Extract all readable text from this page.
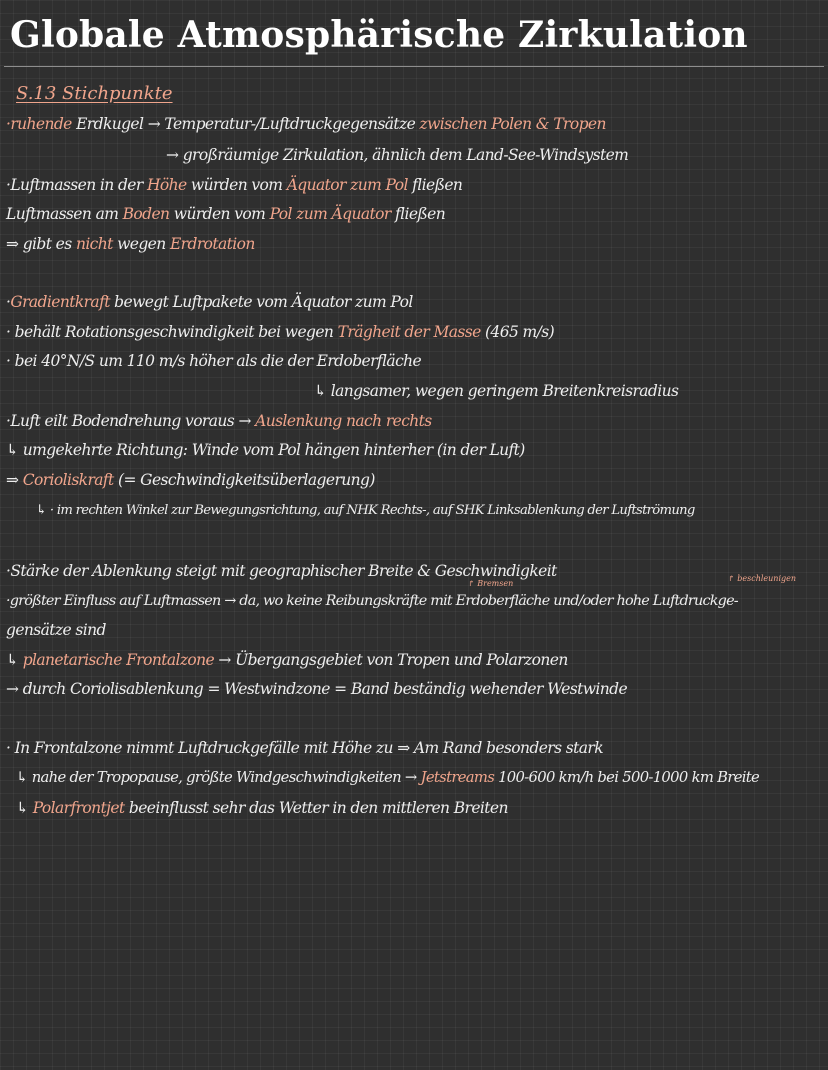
Globale Atmosphärische Zirkulation
S.13 Stichpunkte
·ruhende Erdkugel → Temperatur-/Luftdruckgegensätze zwischen Polen & Tropen
→ großräumige Zirkulation, ähnlich dem Land-See-Windsystem
·Luftmassen in der Höhe würden vom Äquator zum Pol fließen
Luftmassen am Boden würden vom Pol zum Äquator fließen
⇒ gibt es nicht wegen Erdrotation
·Gradientkraft bewegt Luftpakete vom Äquator zum Pol
· behält Rotationsgeschwindigkeit bei wegen Trägheit der Masse (465 m/s)
· bei 40°N/S um 110 m/s höher als die der Erdoberfläche
↳ langsamer, wegen geringem Breitenkreisradius
·Luft eilt Bodendrehung voraus → Auslenkung nach rechts
↳ umgekehrte Richtung: Winde vom Pol hängen hinterher (in der Luft)
⇒ Corioliskraft (= Geschwindigkeitsüberlagerung)
↳ · im rechten Winkel zur Bewegungsrichtung, auf NHK Rechts-, auf SHK Linksablenkung der Luftströmung
·Stärke der Ablenkung steigt mit geographischer Breite & Geschwindigkeit
↱ Bremsen
↱ beschleunigen
·größter Einfluss auf Luftmassen → da, wo keine Reibungskräfte mit Erdoberfläche und/oder hohe Luftdruckge-
gensätze sind
↳ planetarische Frontalzone → Übergangsgebiet von Tropen und Polarzonen
→ durch Coriolisablenkung = Westwindzone = Band beständig wehender Westwinde
· In Frontalzone nimmt Luftdruckgefälle mit Höhe zu ⇒ Am Rand besonders stark
↳ nahe der Tropopause, größte Windgeschwindigkeiten → Jetstreams 100-600 km/h bei 500-1000 km Breite
↳ Polarfrontjet beeinflusst sehr das Wetter in den mittleren Breiten
